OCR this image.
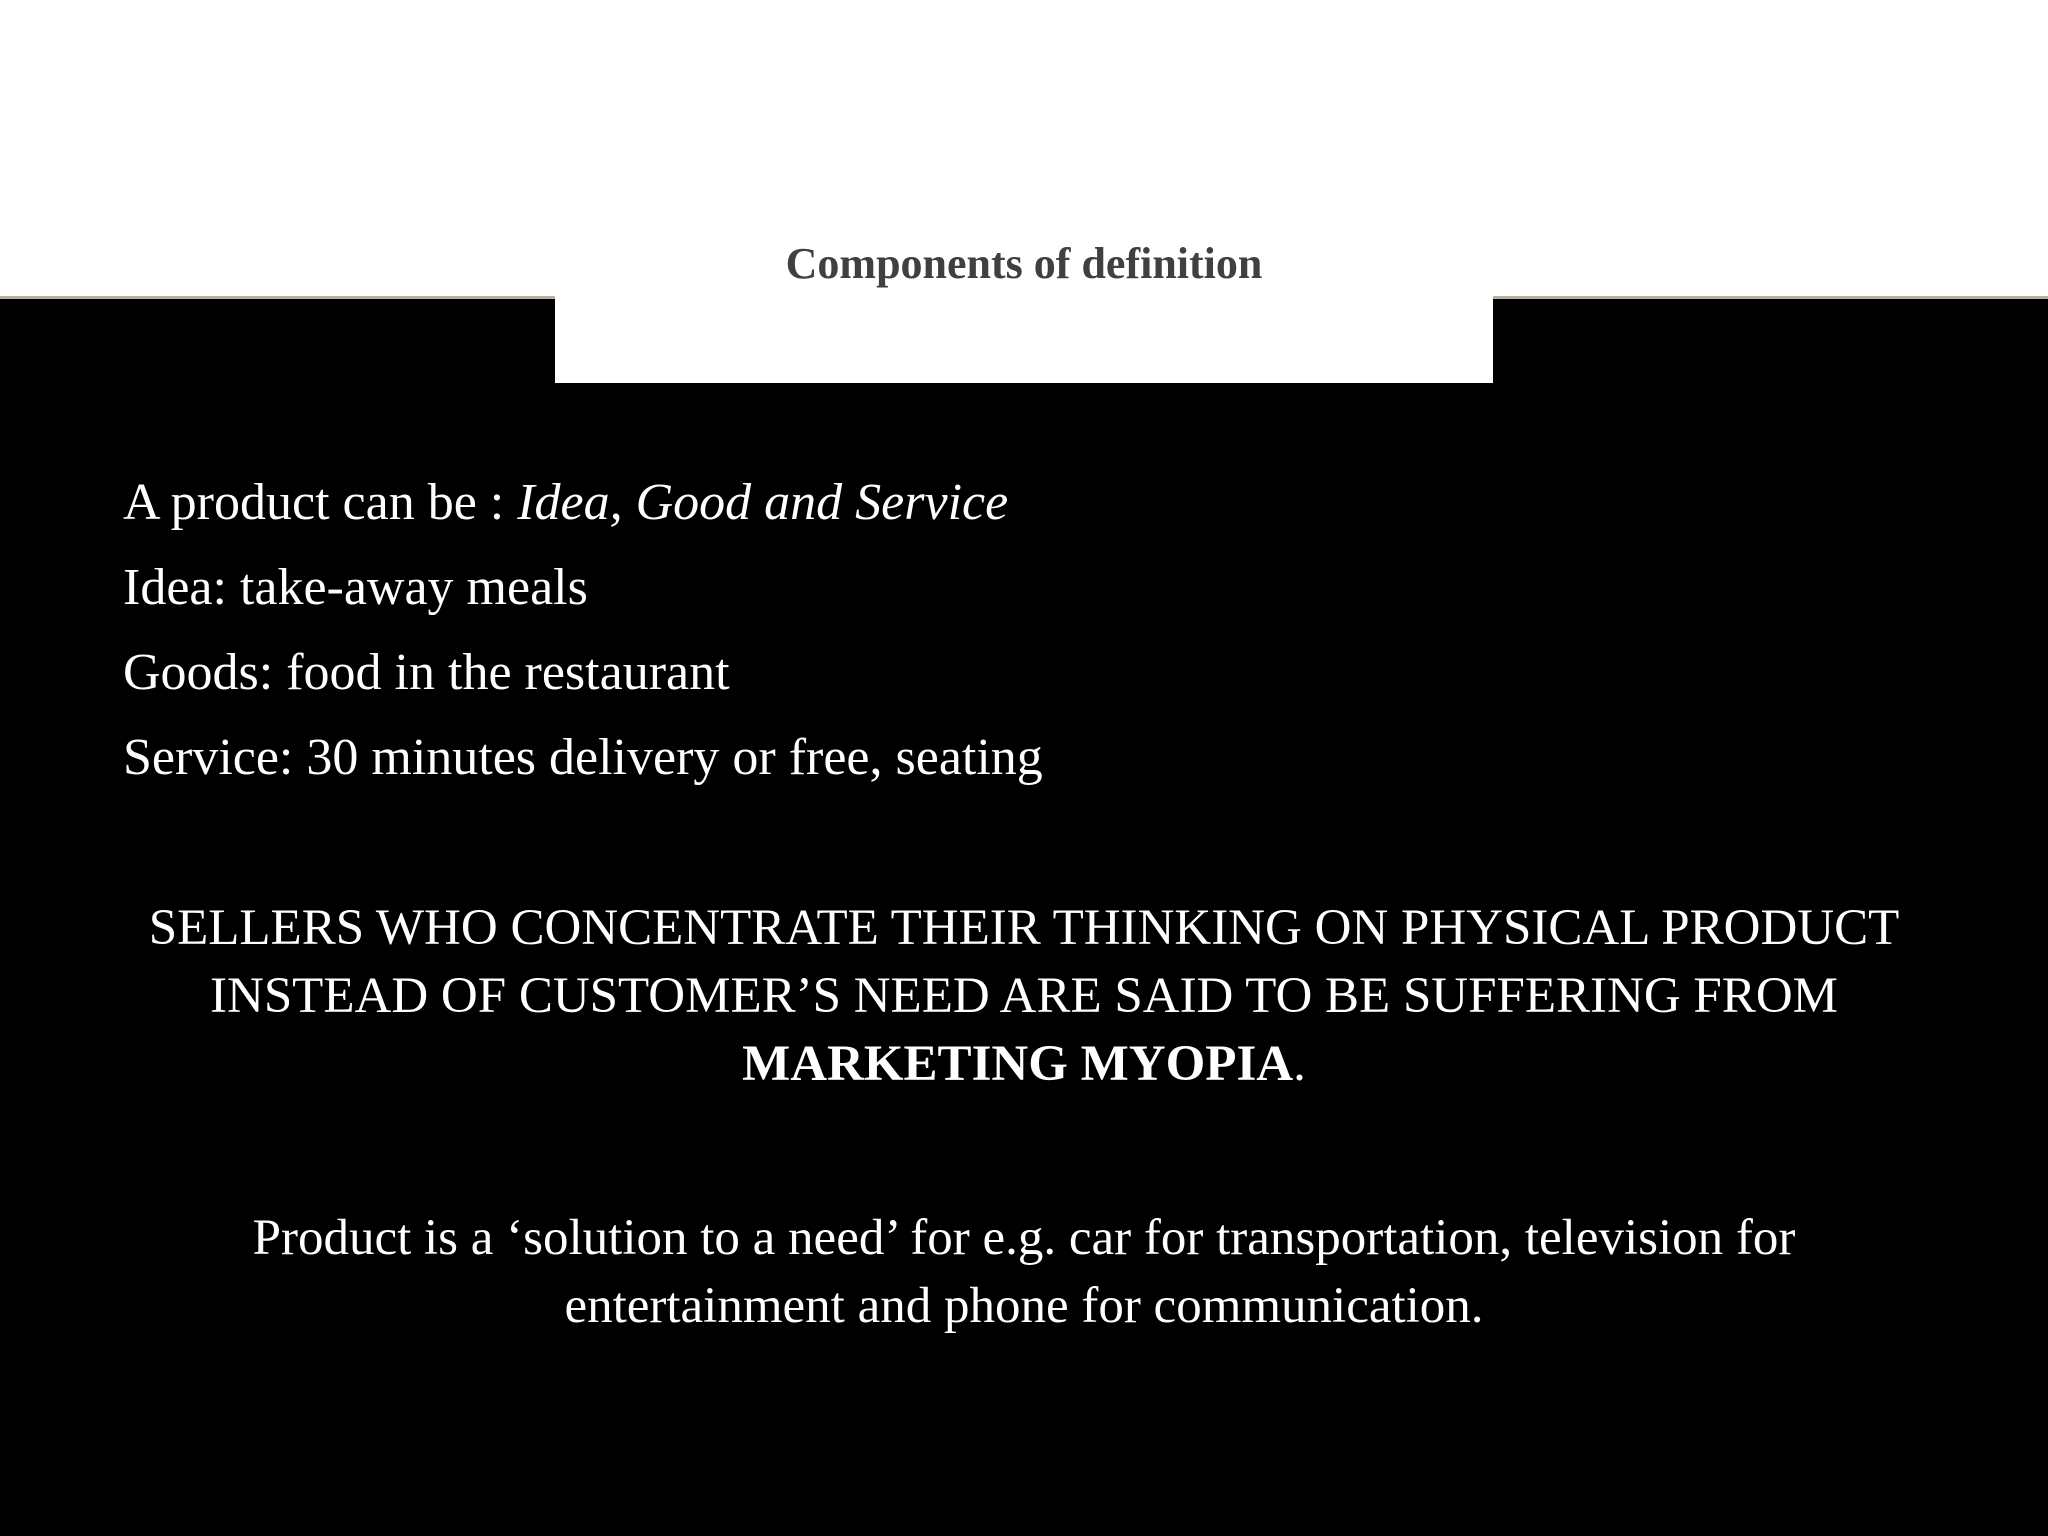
Components of definition
A product can be : Idea, Good and Service
Idea: take-away meals
Goods: food in the restaurant
Service: 30 minutes delivery or free, seating
SELLERS WHO CONCENTRATE THEIR THINKING ON PHYSICAL PRODUCT INSTEAD OF CUSTOMER’S NEED ARE SAID TO BE SUFFERING FROM MARKETING MYOPIA.
Product is a ‘solution to a need’ for e.g. car for transportation, television for entertainment and phone for communication.
